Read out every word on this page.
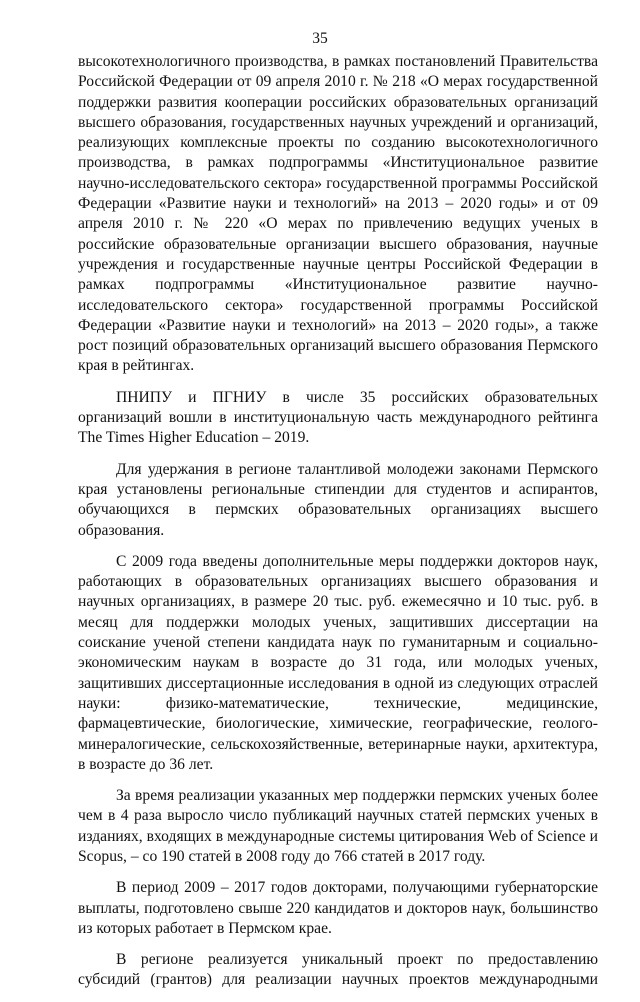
35

высокотехнологичного производства, в рамках постановлений Правительства Российской Федерации от 09 апреля 2010 г. № 218 «О мерах государственной поддержки развития кооперации российских образовательных организаций высшего образования, государственных научных учреждений и организаций, реализующих комплексные проекты по созданию высокотехнологичного производства, в рамках подпрограммы «Институциональное развитие научно-исследовательского сектора» государственной программы Российской Федерации «Развитие науки и технологий» на 2013 – 2020 годы» и от 09 апреля 2010 г. № 220 «О мерах по привлечению ведущих ученых в российские образовательные организации высшего образования, научные учреждения и государственные научные центры Российской Федерации в рамках подпрограммы «Институциональное развитие научно-исследовательского сектора» государственной программы Российской Федерации «Развитие науки и технологий» на 2013 – 2020 годы», а также рост позиций образовательных организаций высшего образования Пермского края в рейтингах.

ПНИПУ и ПГНИУ в числе 35 российских образовательных организаций вошли в институциональную часть международного рейтинга The Times Higher Education – 2019.

Для удержания в регионе талантливой молодежи законами Пермского края установлены региональные стипендии для студентов и аспирантов, обучающихся в пермских образовательных организациях высшего образования.

С 2009 года введены дополнительные меры поддержки докторов наук, работающих в образовательных организациях высшего образования и научных организациях, в размере 20 тыс. руб. ежемесячно и 10 тыс. руб. в месяц для поддержки молодых ученых, защитивших диссертации на соискание ученой степени кандидата наук по гуманитарным и социально-экономическим наукам в возрасте до 31 года, или молодых ученых, защитивших диссертационные исследования в одной из следующих отраслей науки: физико-математические, технические, медицинские, фармацевтические, биологические, химические, географические, геолого-минералогические, сельскохозяйственные, ветеринарные науки, архитектура, в возрасте до 36 лет.

За время реализации указанных мер поддержки пермских ученых более чем в 4 раза выросло число публикаций научных статей пермских ученых в изданиях, входящих в международные системы цитирования Web of Science и Scopus, – со 190 статей в 2008 году до 766 статей в 2017 году.

В период 2009 – 2017 годов докторами, получающими губернаторские выплаты, подготовлено свыше 220 кандидатов и докторов наук, большинство из которых работает в Пермском крае.

В регионе реализуется уникальный проект по предоставлению субсидий (грантов) для реализации научных проектов международными
